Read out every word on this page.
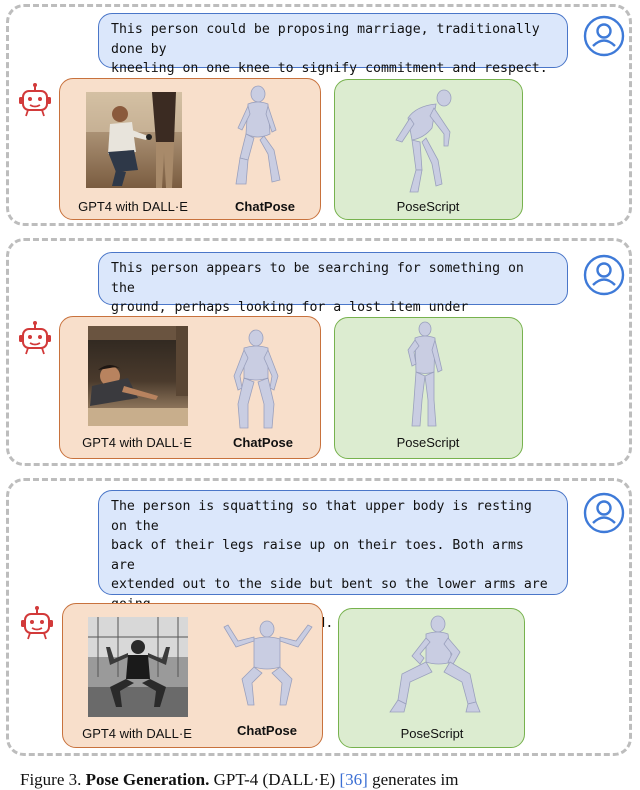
This person could be proposing marriage, traditionally done by
kneeling on one knee to signify commitment and respect.
GPT4 with DALL·E	ChatPose	PoseScript
This person appears to be searching for something on the
ground, perhaps looking for a lost item under
GPT4 with DALL·E	ChatPose	PoseScript
The person is squatting so that upper body is resting on the
back of their legs raise up on their toes. Both arms are
extended out to the side but bent so the lower arms are

GPT4 with DALL·E	ChatPose	PoseScript
Figure 3. Pose Generation. GPT-4 (DALL·E) [36] generates im
